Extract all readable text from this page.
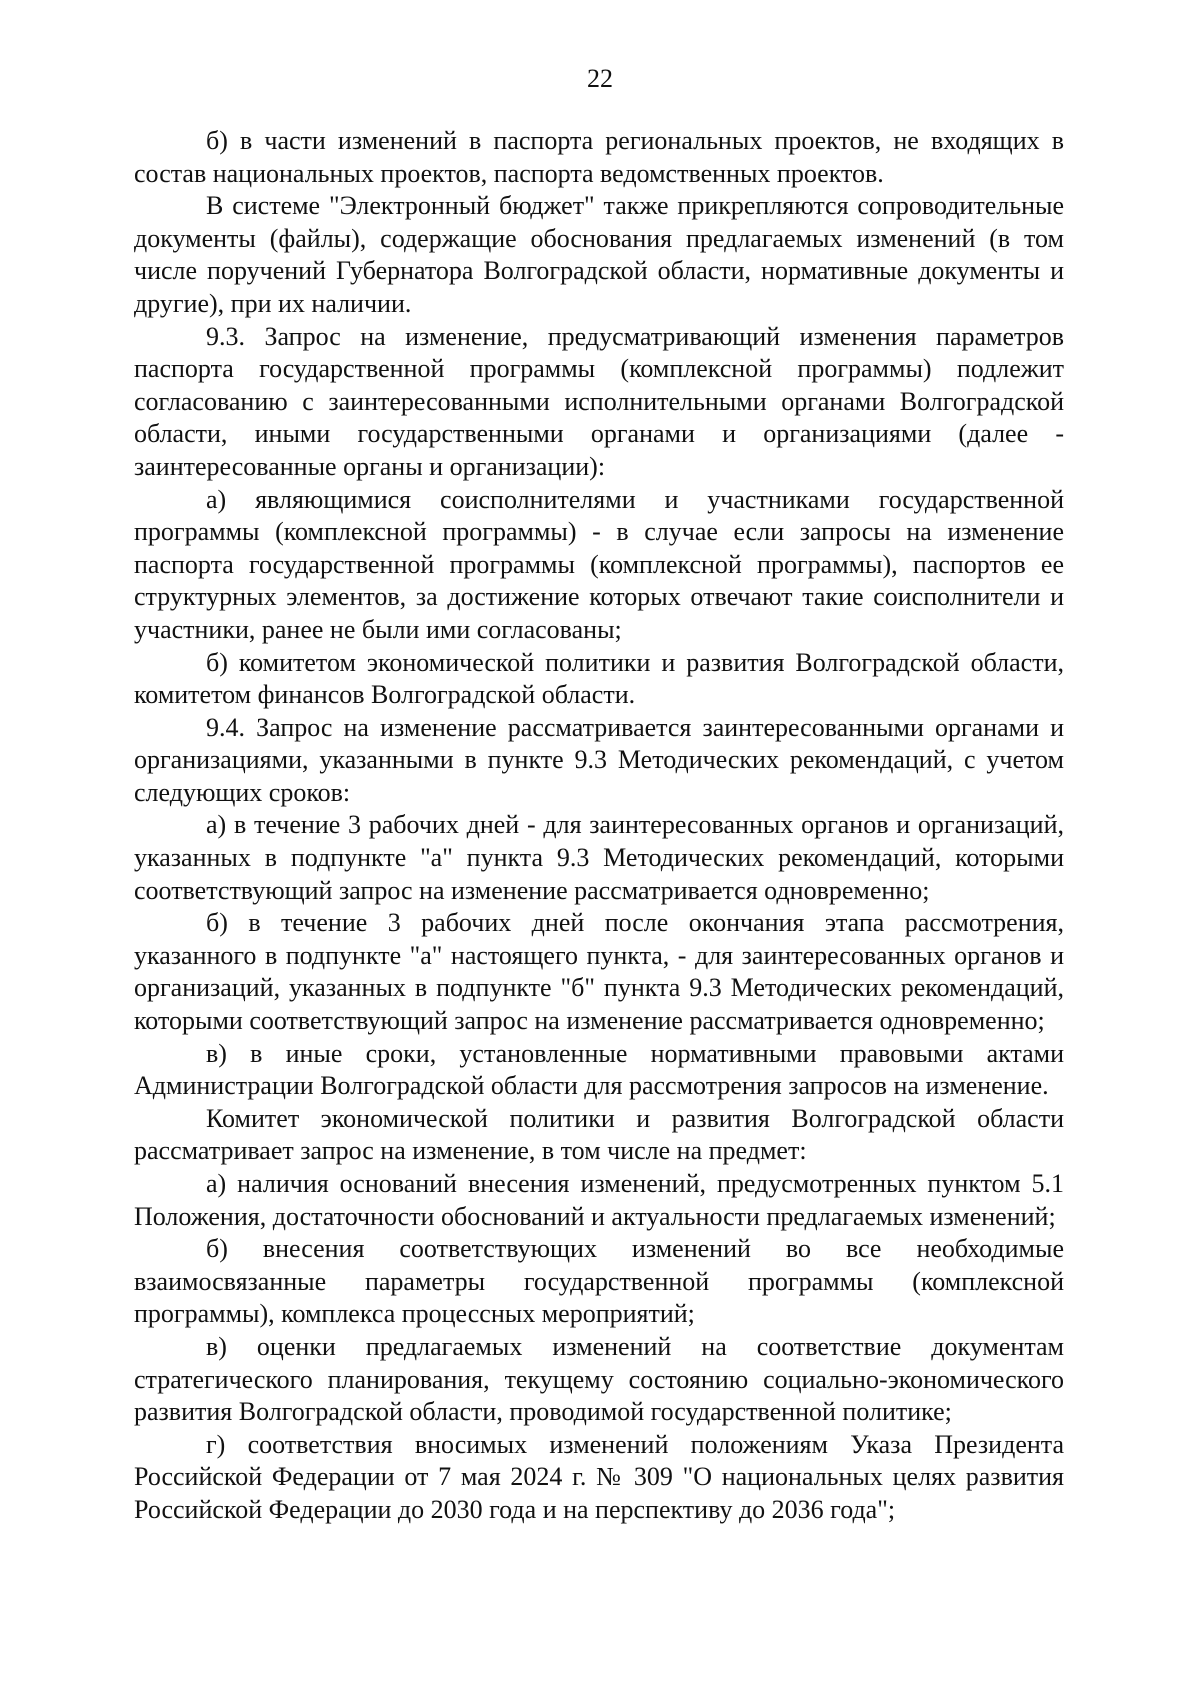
22

б) в части изменений в паспорта региональных проектов, не входящих в состав национальных проектов, паспорта ведомственных проектов.

В системе "Электронный бюджет" также прикрепляются сопроводительные документы (файлы), содержащие обоснования предлагаемых изменений (в том числе поручений Губернатора Волгоградской области, нормативные документы и другие), при их наличии.

9.3. Запрос на изменение, предусматривающий изменения параметров паспорта государственной программы (комплексной программы) подлежит согласованию с заинтересованными исполнительными органами Волгоградской области, иными государственными органами и организациями (далее - заинтересованные органы и организации):

а) являющимися соисполнителями и участниками государственной программы (комплексной программы) - в случае если запросы на изменение паспорта государственной программы (комплексной программы), паспортов ее структурных элементов, за достижение которых отвечают такие соисполнители и участники, ранее не были ими согласованы;

б) комитетом экономической политики и развития Волгоградской области, комитетом финансов Волгоградской области.

9.4. Запрос на изменение рассматривается заинтересованными органами и организациями, указанными в пункте 9.3 Методических рекомендаций, с учетом следующих сроков:

а) в течение 3 рабочих дней - для заинтересованных органов и организаций, указанных в подпункте "а" пункта 9.3 Методических рекомендаций, которыми соответствующий запрос на изменение рассматривается одновременно;

б) в течение 3 рабочих дней после окончания этапа рассмотрения, указанного в подпункте "а" настоящего пункта, - для заинтересованных органов и организаций, указанных в подпункте "б" пункта 9.3 Методических рекомендаций, которыми соответствующий запрос на изменение рассматривается одновременно;

в) в иные сроки, установленные нормативными правовыми актами Администрации Волгоградской области для рассмотрения запросов на изменение.

Комитет экономической политики и развития Волгоградской области рассматривает запрос на изменение, в том числе на предмет:

а) наличия оснований внесения изменений, предусмотренных пунктом 5.1 Положения, достаточности обоснований и актуальности предлагаемых изменений;

б) внесения соответствующих изменений во все необходимые взаимосвязанные параметры государственной программы (комплексной программы), комплекса процессных мероприятий;

в) оценки предлагаемых изменений на соответствие документам стратегического планирования, текущему состоянию социально-экономического развития Волгоградской области, проводимой государственной политике;

г) соответствия вносимых изменений положениям Указа Президента Российской Федерации от 7 мая 2024 г. № 309 "О национальных целях развития Российской Федерации до 2030 года и на перспективу до 2036 года";
